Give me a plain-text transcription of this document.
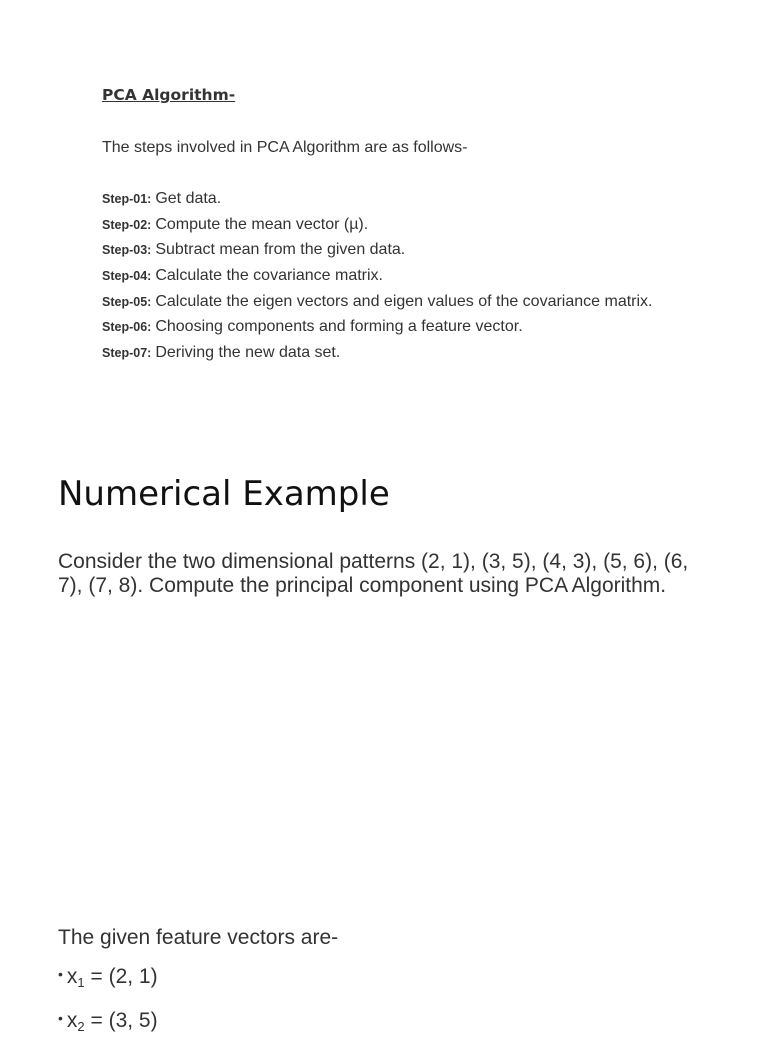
PCA Algorithm-

The steps involved in PCA Algorithm are as follows-

Step-01: Get data.
Step-02: Compute the mean vector (µ).
Step-03: Subtract mean from the given data.
Step-04: Calculate the covariance matrix.
Step-05: Calculate the eigen vectors and eigen values of the covariance matrix.
Step-06: Choosing components and forming a feature vector.
Step-07: Deriving the new data set.
Numerical Example

Consider the two dimensional patterns (2, 1), (3, 5), (4, 3), (5, 6), (6, 7), (7, 8). Compute the principal component using PCA Algorithm.

The given feature vectors are-

• $x_1 = (2$, 1)
• $x_2 = (3$, 5)
